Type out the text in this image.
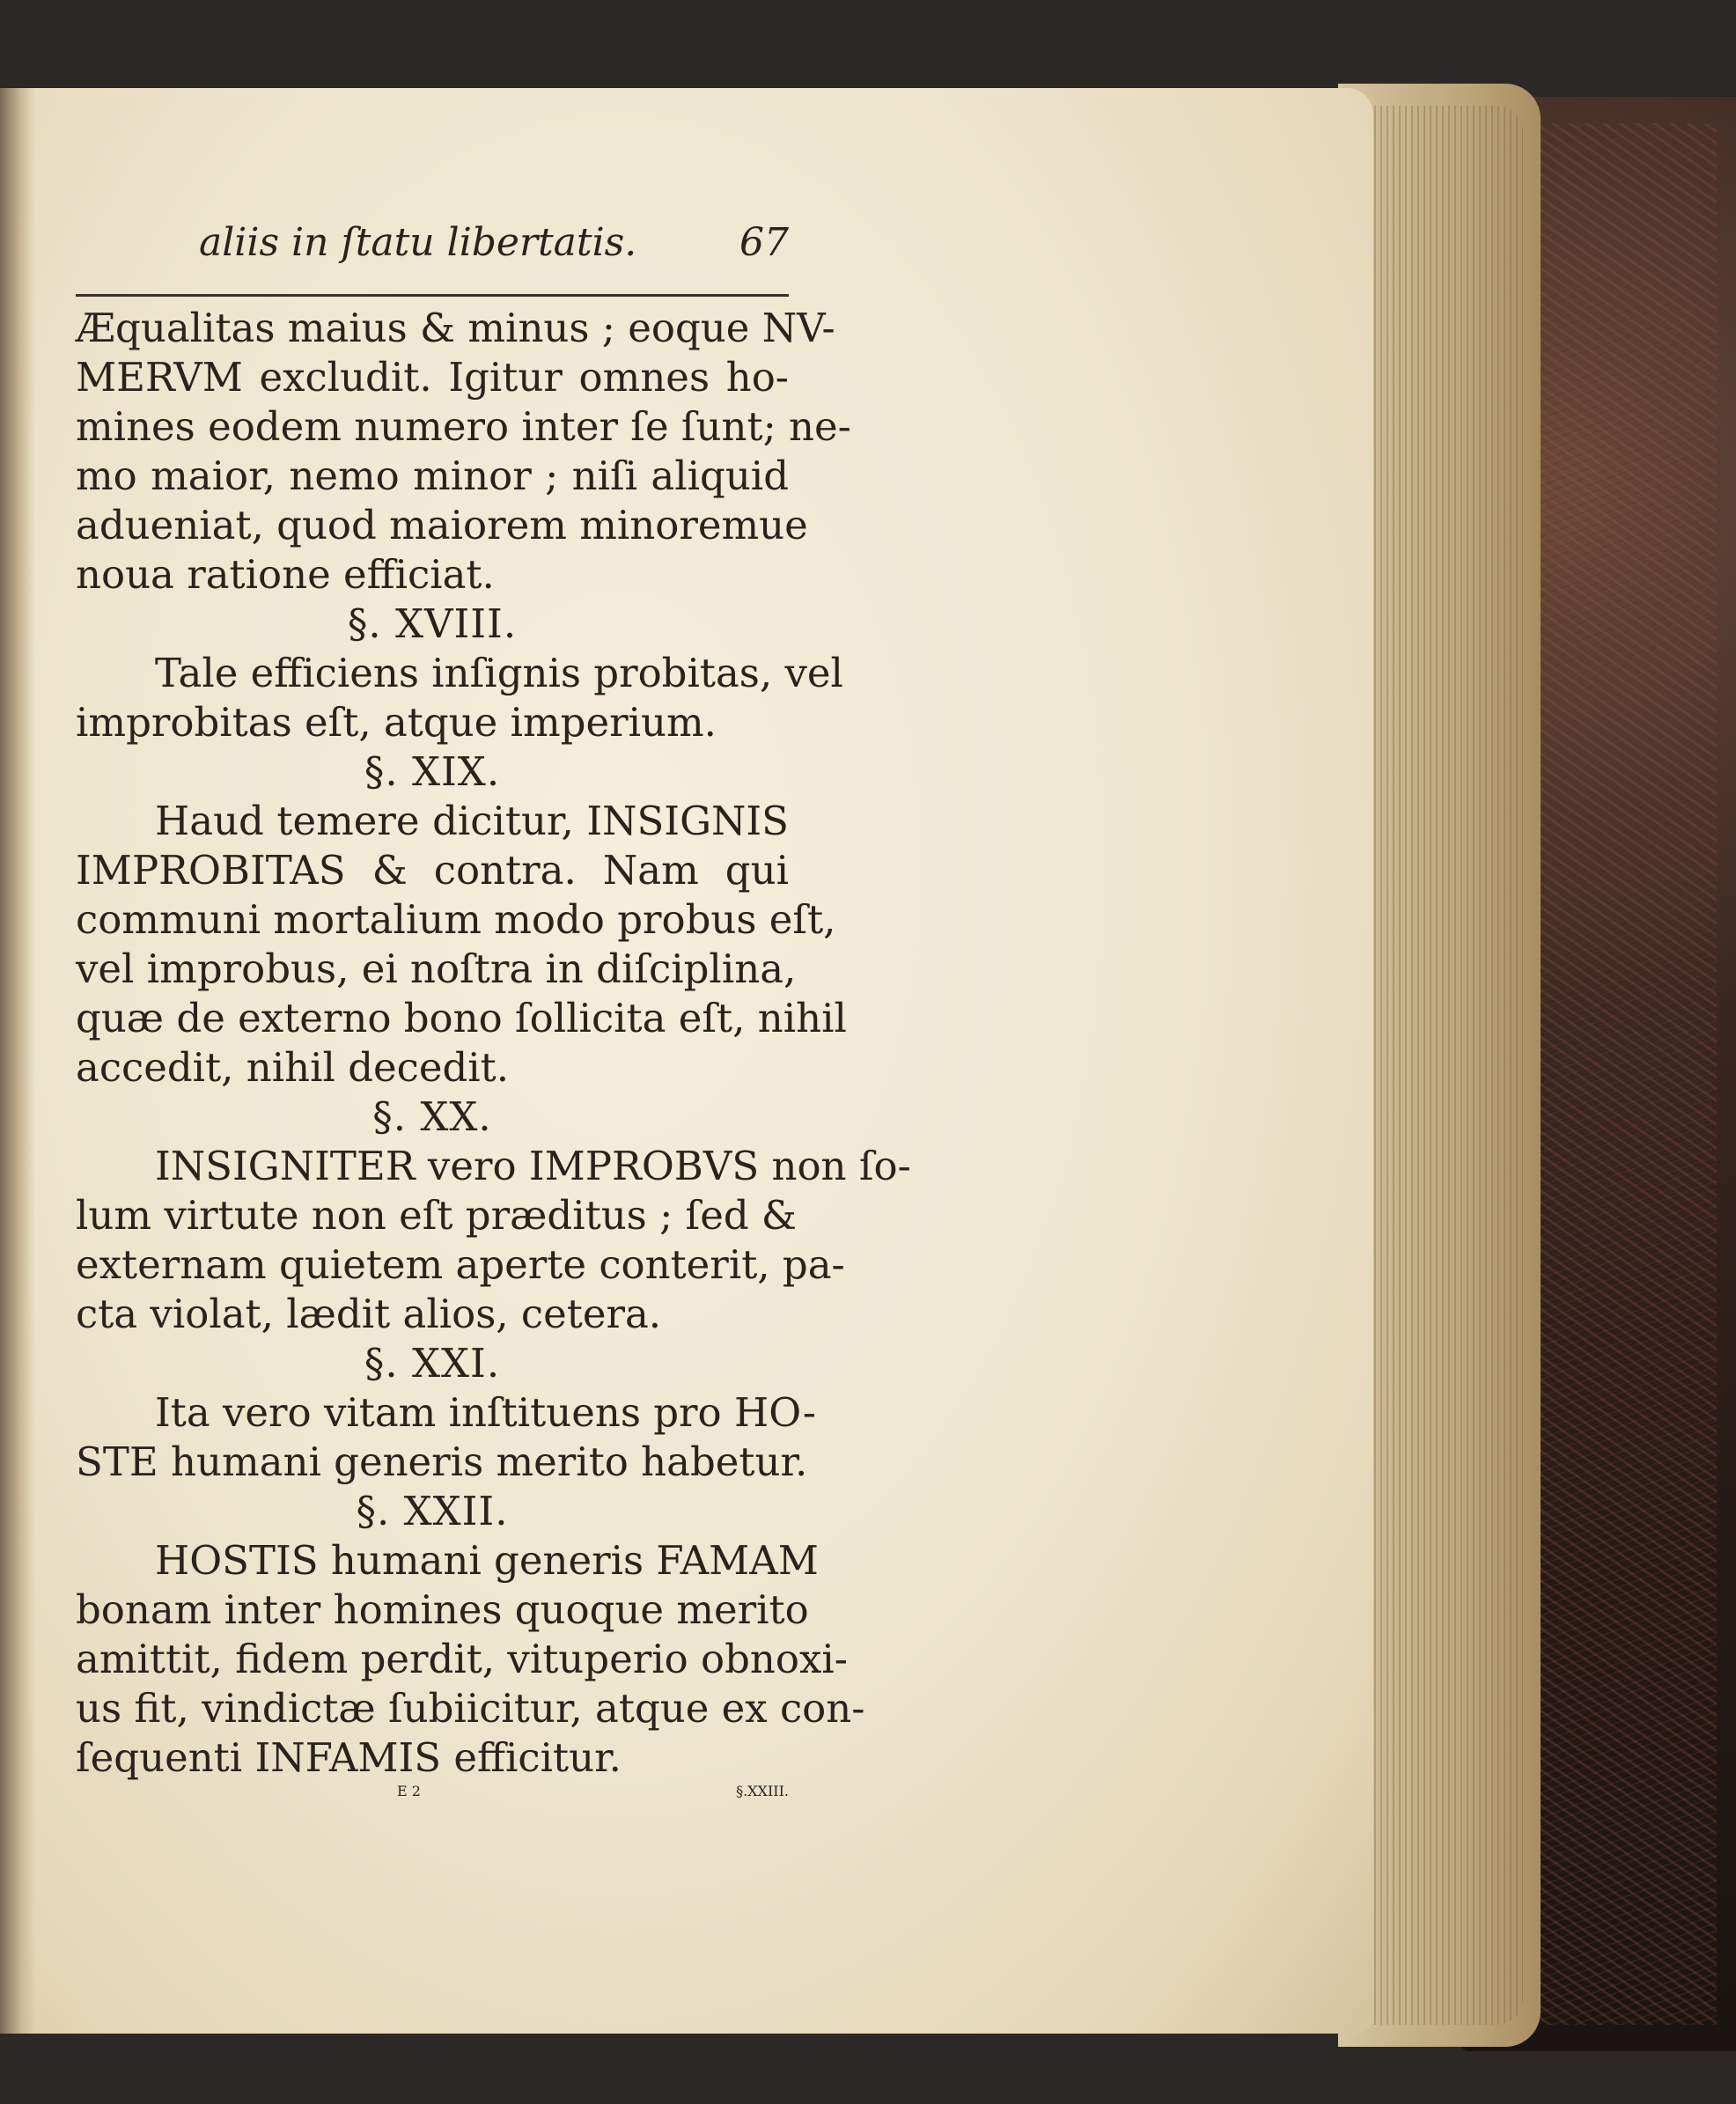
aliis in ſtatu libertatis.	67
Æqualitas maius & minus ; eoque NV-
MERVM excludit. Igitur omnes ho-
mines eodem numero inter ſe ſunt; ne-
mo maior, nemo minor ; niſi aliquid
adueniat, quod maiorem minoremue
noua ratione efficiat.
§. XVIII.
Tale efficiens inſignis probitas, vel
improbitas eſt, atque imperium.
§. XIX.
Haud temere dicitur, INSIGNIS
IMPROBITAS & contra. Nam qui
communi mortalium modo probus eſt,
vel improbus, ei noſtra in diſciplina,
quæ de externo bono ſollicita eſt, nihil
accedit, nihil decedit.
§. XX.
INSIGNITER vero IMPROBVS non ſo-
lum virtute non eſt præditus ; ſed &
externam quietem aperte conterit, pa-
cta violat, lædit alios, cetera.
§. XXI.
Ita vero vitam inſtituens pro HO-
STE humani generis merito habetur.
§. XXII.
HOSTIS humani generis FAMAM
bonam inter homines quoque merito
amittit, fidem perdit, vituperio obnoxi-
us fit, vindictæ ſubiicitur, atque ex con-
ſequenti INFAMIS efficitur.
E 2	§.XXIII.
